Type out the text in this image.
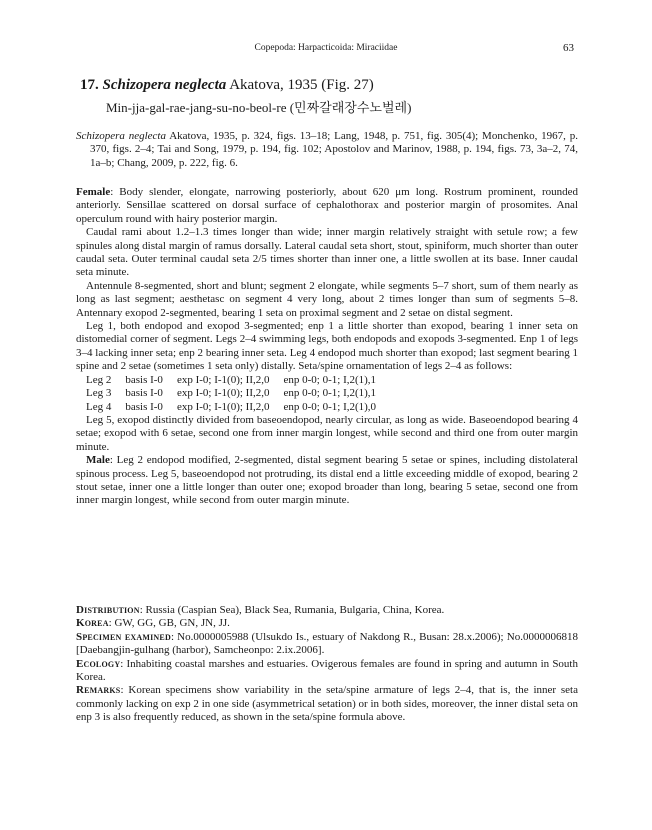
Copepoda: Harpacticoida: Miraciidae	63
17. Schizopera neglecta Akatova, 1935 (Fig. 27)
Min-jja-gal-rae-jang-su-no-beol-re (민짜갈래장수노벌레)

Schizopera neglecta Akatova, 1935, p. 324, figs. 13–18; Lang, 1948, p. 751, fig. 305(4); Monchenko, 1967, p. 370, figs. 2–4; Tai and Song, 1979, p. 194, fig. 102; Apostolov and Marinov, 1988, p. 194, figs. 73, 3a–2, 74, 1a–b; Chang, 2009, p. 222, fig. 6.

Female: Body slender, elongate, narrowing posteriorly, about 620 μm long. Rostrum prominent, rounded anteriorly. Sensillae scattered on dorsal surface of cephalothorax and posterior margin of prosomites. Anal operculum round with hairy posterior margin.

Caudal rami about 1.2–1.3 times longer than wide; inner margin relatively straight with setule row; a few spinules along distal margin of ramus dorsally. Lateral caudal seta short, stout, spiniform, much shorter than outer caudal seta. Outer terminal caudal seta 2/5 times shorter than inner one, a little swollen at its base. Inner caudal seta minute.

Antennule 8-segmented, short and blunt; segment 2 elongate, while segments 5–7 short, sum of them nearly as long as last segment; aesthetasc on segment 4 very long, about 2 times longer than sum of segments 5–8. Antennary exopod 2-segmented, bearing 1 seta on proximal segment and 2 setae on distal segment.

Leg 1, both endopod and exopod 3-segmented; enp 1 a little shorter than exopod, bearing 1 inner seta on distomedial corner of segment. Legs 2–4 swimming legs, both endopods and exopods 3-segmented. Enp 1 of legs 3–4 lacking inner seta; enp 2 bearing inner seta. Leg 4 endopod much shorter than exopod; last segment bearing 1 spine and 2 setae (sometimes 1 seta only) distally. Seta/spine ornamentation of legs 2–4 as follows:

Leg 2	basis I-0	exp I-0; I-1(0); II,2,0	enp 0-0; 0-1; I,2(1),1
Leg 3	basis I-0	exp I-0; I-1(0); II,2,0	enp 0-0; 0-1; I,2(1),1
Leg 4	basis I-0	exp I-0; I-1(0); II,2,0	enp 0-0; 0-1; I,2(1),0

Leg 5, exopod distinctly divided from baseoendopod, nearly circular, as long as wide. Baseoendopod bearing 4 setae; exopod with 6 setae, second one from inner margin longest, while second and third one from outer margin minute.

Male: Leg 2 endopod modified, 2-segmented, distal segment bearing 5 setae or spines, including distolateral spinous process. Leg 5, baseoendopod not protruding, its distal end a little exceeding middle of exopod, bearing 2 stout setae, inner one a little longer than outer one; exopod broader than long, bearing 5 setae, second one from inner margin longest, while second from outer margin minute.

Distribution: Russia (Caspian Sea), Black Sea, Rumania, Bulgaria, China, Korea.

Korea: GW, GG, GB, GN, JN, JJ.

Specimen examined: No.0000005988 (Ulsukdo Is., estuary of Nakdong R., Busan: 28.x.2006); No.0000006818 [Daebangjin-gulhang (harbor), Samcheonpo: 2.ix.2006].

Ecology: Inhabiting coastal marshes and estuaries. Ovigerous females are found in spring and autumn in South Korea.

Remarks: Korean specimens show variability in the seta/spine armature of legs 2–4, that is, the inner seta commonly lacking on exp 2 in one side (asymmetrical setation) or in both sides, moreover, the inner distal seta on enp 3 is also frequently reduced, as shown in the seta/spine formula above.
